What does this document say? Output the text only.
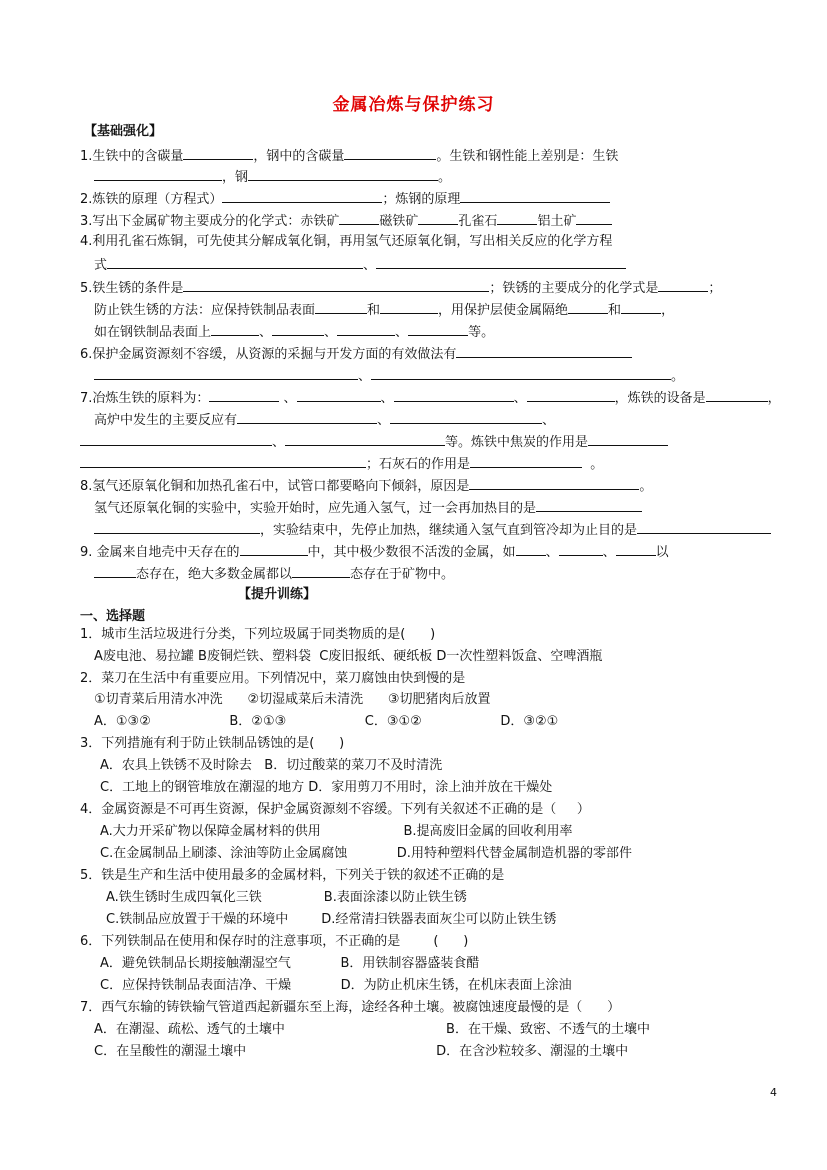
金属冶炼与保护练习
【基础强化】
1.生铁中的含碳量	，钢中的含碳量	。生铁和钢性能上差别是：生铁
，钢	。
2.炼铁的原理（方程式）	；炼钢的原理
3.写出下金属矿物主要成分的化学式：赤铁矿	磁铁矿	孔雀石	铝土矿
4.利用孔雀石炼铜，可先使其分解成氧化铜，再用氢气还原氧化铜，写出相关反应的化学方程
式	、
5.铁生锈的条件是	；铁锈的主要成分的化学式是	；
防止铁生锈的方法：应保持铁制品表面	和	，用保护层使金属隔绝	和	，
如在钢铁制品表面上	、	、	、	等。
6.保护金属资源刻不容缓，从资源的采掘与开发方面的有效做法有
、	。
7.冶炼生铁的原料为：	、	、	、	，炼铁的设备是	，
高炉中发生的主要反应有	、	、
、	等。炼铁中焦炭的作用是
；石灰石的作用是	。
8.氢气还原氧化铜和加热孔雀石中，试管口都要略向下倾斜，原因是	。
氢气还原氧化铜的实验中，实验开始时，应先通入氢气，过一会再加热目的是
，实验结束中，先停止加热，继续通入氢气直到管冷却为止目的是
9. 金属来自地壳中天存在的	中，其中极少数很不活泼的金属，如 、	、	以
态存在，绝大多数金属都以	态存在于矿物中。
【提升训练】
一、选择题
1．城市生活垃圾进行分类，下列垃圾属于同类物质的是(      )
A废电池、易拉罐 B废铜烂铁、塑料袋  C废旧报纸、硬纸板 D一次性塑料饭盒、空啤酒瓶
2．菜刀在生活中有重要应用。下列情况中，菜刀腐蚀由快到慢的是
①切青菜后用清水冲洗      ②切湿咸菜后未清洗      ③切肥猪肉后放置
A．①③②                   B．②①③                   C．③①②                   D．③②①
3．下列措施有利于防止铁制品锈蚀的是(      )
A．农具上铁锈不及时除去   B．切过酸菜的菜刀不及时清洗
C．工地上的钢管堆放在潮湿的地方 D．家用剪刀不用时，涂上油并放在干燥处
4．金属资源是不可再生资源，保护金属资源刻不容缓。下列有关叙述不正确的是（     ）
A.大力开采矿物以保障金属材料的供用                    B.提高废旧金属的回收利用率
C.在金属制品上刷漆、涂油等防止金属腐蚀            D.用特种塑料代替金属制造机器的零部件
5．铁是生产和生活中使用最多的金属材料，下列关于铁的叙述不正确的是
A.铁生锈时生成四氧化三铁               B.表面涂漆以防止铁生锈
C.铁制品应放置于干燥的环境中        D.经常清扫铁器表面灰尘可以防止铁生锈
6．下列铁制品在使用和保存时的注意事项，不正确的是        (      )
A．避免铁制品长期接触潮湿空气            B．用铁制容器盛装食醋
C．应保持铁制品表面洁净、干燥            D．为防止机床生锈，在机床表面上涂油
7．西气东输的铸铁输气管道西起新疆东至上海，途经各种土壤。被腐蚀速度最慢的是（      ）
A．在潮湿、疏松、透气的土壤中                                       B．在干燥、致密、不透气的土壤中
C．在呈酸性的潮湿土壤中                                              D．在含沙粒较多、潮湿的土壤中
4
